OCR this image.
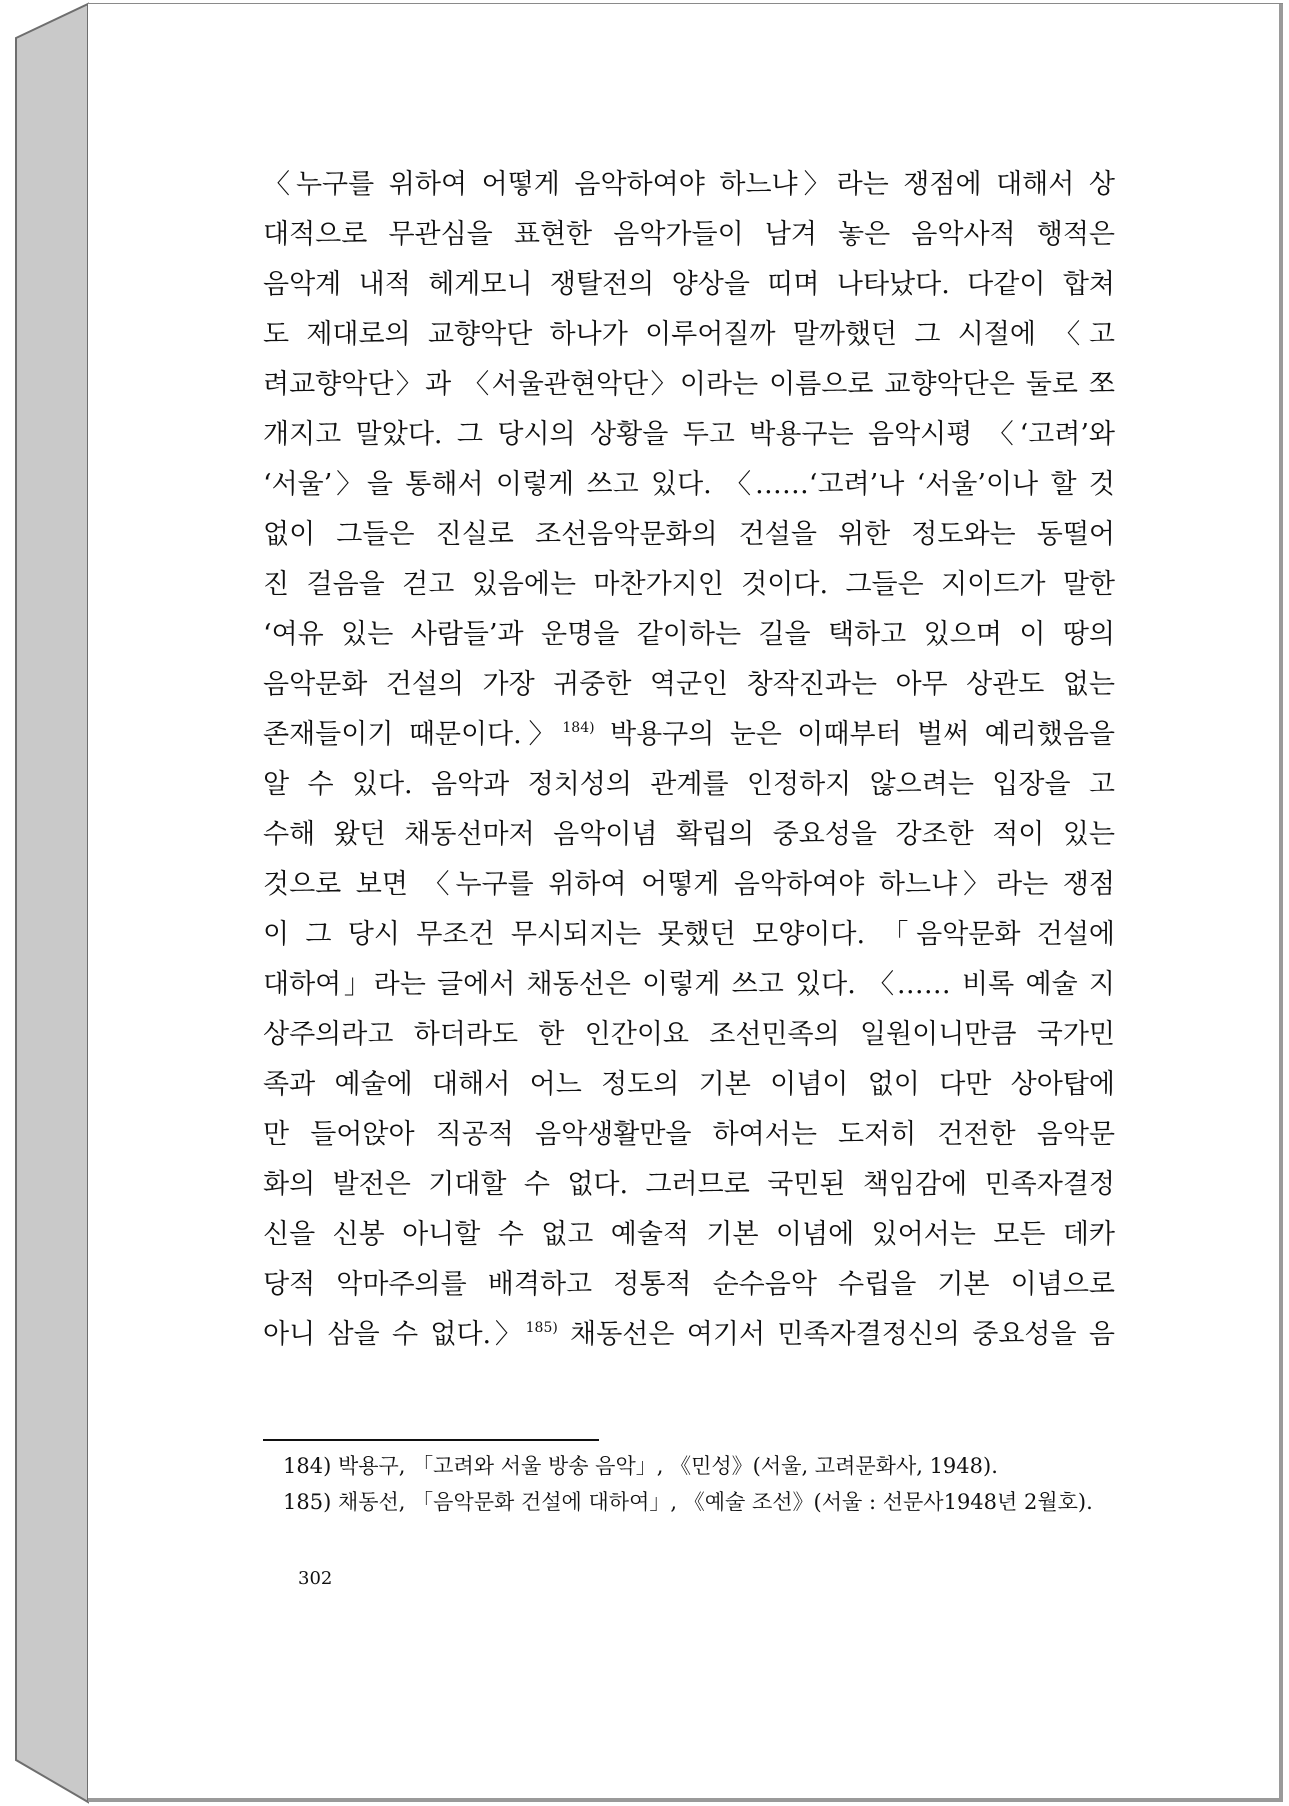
〈누구를 위하여 어떻게 음악하여야 하느냐〉라는 쟁점에 대해서 상
대적으로 무관심을 표현한 음악가들이 남겨 놓은 음악사적 행적은
음악계 내적 헤게모니 쟁탈전의 양상을 띠며 나타났다. 다같이 합쳐
도 제대로의 교향악단 하나가 이루어질까 말까했던 그 시절에 〈고
려교향악단〉과 〈서울관현악단〉이라는 이름으로 교향악단은 둘로 쪼
개지고 말았다. 그 당시의 상황을 두고 박용구는 음악시평 〈‘고려’와
‘서울’〉을 통해서 이렇게 쓰고 있다. 〈……‘고려’나 ‘서울’이나 할 것
없이 그들은 진실로 조선음악문화의 건설을 위한 정도와는 동떨어
진 걸음을 걷고 있음에는 마찬가지인 것이다. 그들은 지이드가 말한
‘여유 있는 사람들’과 운명을 같이하는 길을 택하고 있으며 이 땅의
음악문화 건설의 가장 귀중한 역군인 창작진과는 아무 상관도 없는
존재들이기 때문이다.〉$^{184)}$ 박용구의 눈은 이때부터 벌써 예리했음을
알 수 있다. 음악과 정치성의 관계를 인정하지 않으려는 입장을 고
수해 왔던 채동선마저 음악이념 확립의 중요성을 강조한 적이 있는
것으로 보면 〈누구를 위하여 어떻게 음악하여야 하느냐〉라는 쟁점
이 그 당시 무조건 무시되지는 못했던 모양이다. 「음악문화 건설에
대하여」라는 글에서 채동선은 이렇게 쓰고 있다. 〈…… 비록 예술 지
상주의라고 하더라도 한 인간이요 조선민족의 일원이니만큼 국가민
족과 예술에 대해서 어느 정도의 기본 이념이 없이 다만 상아탑에
만 들어앉아 직공적 음악생활만을 하여서는 도저히 건전한 음악문
화의 발전은 기대할 수 없다. 그러므로 국민된 책임감에 민족자결정
신을 신봉 아니할 수 없고 예술적 기본 이념에 있어서는 모든 데카
당적 악마주의를 배격하고 정통적 순수음악 수립을 기본 이념으로
아니 삼을 수 없다.〉$^{185)}$ 채동선은 여기서 민족자결정신의 중요성을 음
184) 박용구, 「고려와 서울 방송 음악」, 《민성》(서울, 고려문화사, 1948).
185) 채동선, 「음악문화 건설에 대하여」, 《예술 조선》(서울 : 선문사1948년 2월호).
302
